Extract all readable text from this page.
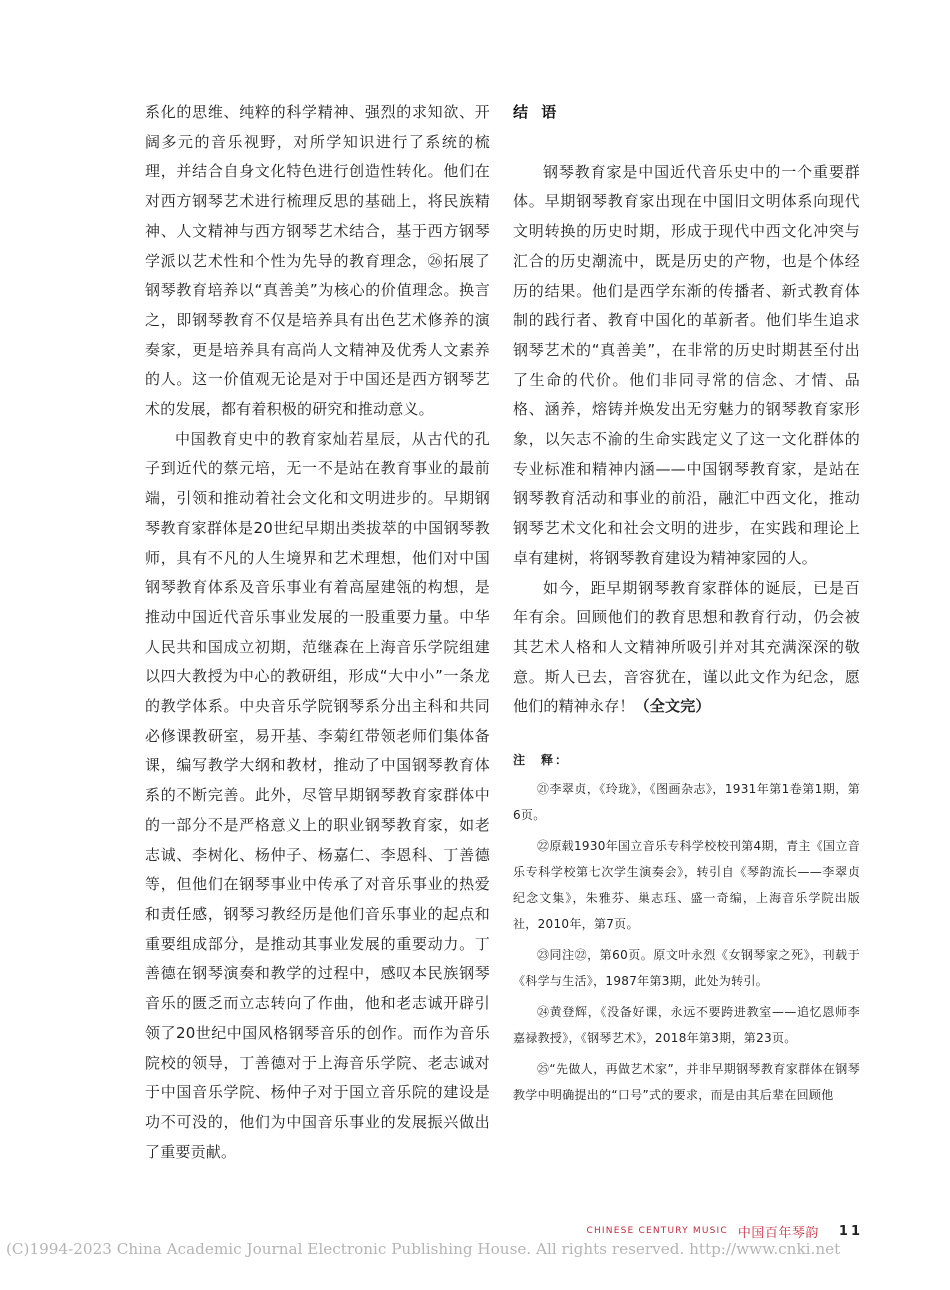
系化的思维、纯粹的科学精神、强烈的求知欲、开阔多元的音乐视野，对所学知识进行了系统的梳理，并结合自身文化特色进行创造性转化。他们在对西方钢琴艺术进行梳理反思的基础上，将民族精神、人文精神与西方钢琴艺术结合，基于西方钢琴学派以艺术性和个性为先导的教育理念，㉖拓展了钢琴教育培养以“真善美”为核心的价值理念。换言之，即钢琴教育不仅是培养具有出色艺术修养的演奏家，更是培养具有高尚人文精神及优秀人文素养的人。这一价值观无论是对于中国还是西方钢琴艺术的发展，都有着积极的研究和推动意义。

中国教育史中的教育家灿若星辰，从古代的孔子到近代的蔡元培，无一不是站在教育事业的最前端，引领和推动着社会文化和文明进步的。早期钢琴教育家群体是20世纪早期出类拔萃的中国钢琴教师，具有不凡的人生境界和艺术理想，他们对中国钢琴教育体系及音乐事业有着高屋建瓴的构想，是推动中国近代音乐事业发展的一股重要力量。中华人民共和国成立初期，范继森在上海音乐学院组建以四大教授为中心的教研组，形成“大中小”一条龙的教学体系。中央音乐学院钢琴系分出主科和共同必修课教研室，易开基、李菊红带领老师们集体备课，编写教学大纲和教材，推动了中国钢琴教育体系的不断完善。此外，尽管早期钢琴教育家群体中的一部分不是严格意义上的职业钢琴教育家，如老志诚、李树化、杨仲子、杨嘉仁、李恩科、丁善德等，但他们在钢琴事业中传承了对音乐事业的热爱和责任感，钢琴习教经历是他们音乐事业的起点和重要组成部分，是推动其事业发展的重要动力。丁善德在钢琴演奏和教学的过程中，感叹本民族钢琴音乐的匮乏而立志转向了作曲，他和老志诚开辟引领了20世纪中国风格钢琴音乐的创作。而作为音乐院校的领导，丁善德对于上海音乐学院、老志诚对于中国音乐学院、杨仲子对于国立音乐院的建设是功不可没的，他们为中国音乐事业的发展振兴做出了重要贡献。

结 语

钢琴教育家是中国近代音乐史中的一个重要群体。早期钢琴教育家出现在中国旧文明体系向现代文明转换的历史时期，形成于现代中西文化冲突与汇合的历史潮流中，既是历史的产物，也是个体经历的结果。他们是西学东渐的传播者、新式教育体制的践行者、教育中国化的革新者。他们毕生追求钢琴艺术的“真善美”，在非常的历史时期甚至付出了生命的代价。他们非同寻常的信念、才情、品格、涵养，熔铸并焕发出无穷魅力的钢琴教育家形象，以矢志不渝的生命实践定义了这一文化群体的专业标准和精神内涵——中国钢琴教育家，是站在钢琴教育活动和事业的前沿，融汇中西文化，推动钢琴艺术文化和社会文明的进步，在实践和理论上卓有建树，将钢琴教育建设为精神家园的人。

如今，距早期钢琴教育家群体的诞辰，已是百年有余。回顾他们的教育思想和教育行动，仍会被其艺术人格和人文精神所吸引并对其充满深深的敬意。斯人已去，音容犹在，谨以此文作为纪念，愿他们的精神永存！（全文完）

注　释：

㉑李翠贞，《玲珑》，《图画杂志》，1931年第1卷第1期，第6页。

㉒原载1930年国立音乐专科学校校刊第4期，青主《国立音乐专科学校第七次学生演奏会》，转引自《琴韵流长——李翠贞纪念文集》，朱雅芬、巢志珏、盛一奇编，上海音乐学院出版社，2010年，第7页。

㉓同注㉒，第60页。原文叶永烈《女钢琴家之死》，刊载于《科学与生活》，1987年第3期，此处为转引。

㉔黄登辉，《没备好课，永远不要跨进教室——追忆恩师李嘉禄教授》，《钢琴艺术》，2018年第3期，第23页。

㉕“先做人，再做艺术家”，并非早期钢琴教育家群体在钢琴教学中明确提出的“口号”式的要求，而是由其后辈在回顾他

CHINESE CENTURY MUSIC 中国百年琴韵 11
(C)1994-2023 China Academic Journal Electronic Publishing House. All rights reserved. http://www.cnki.net
